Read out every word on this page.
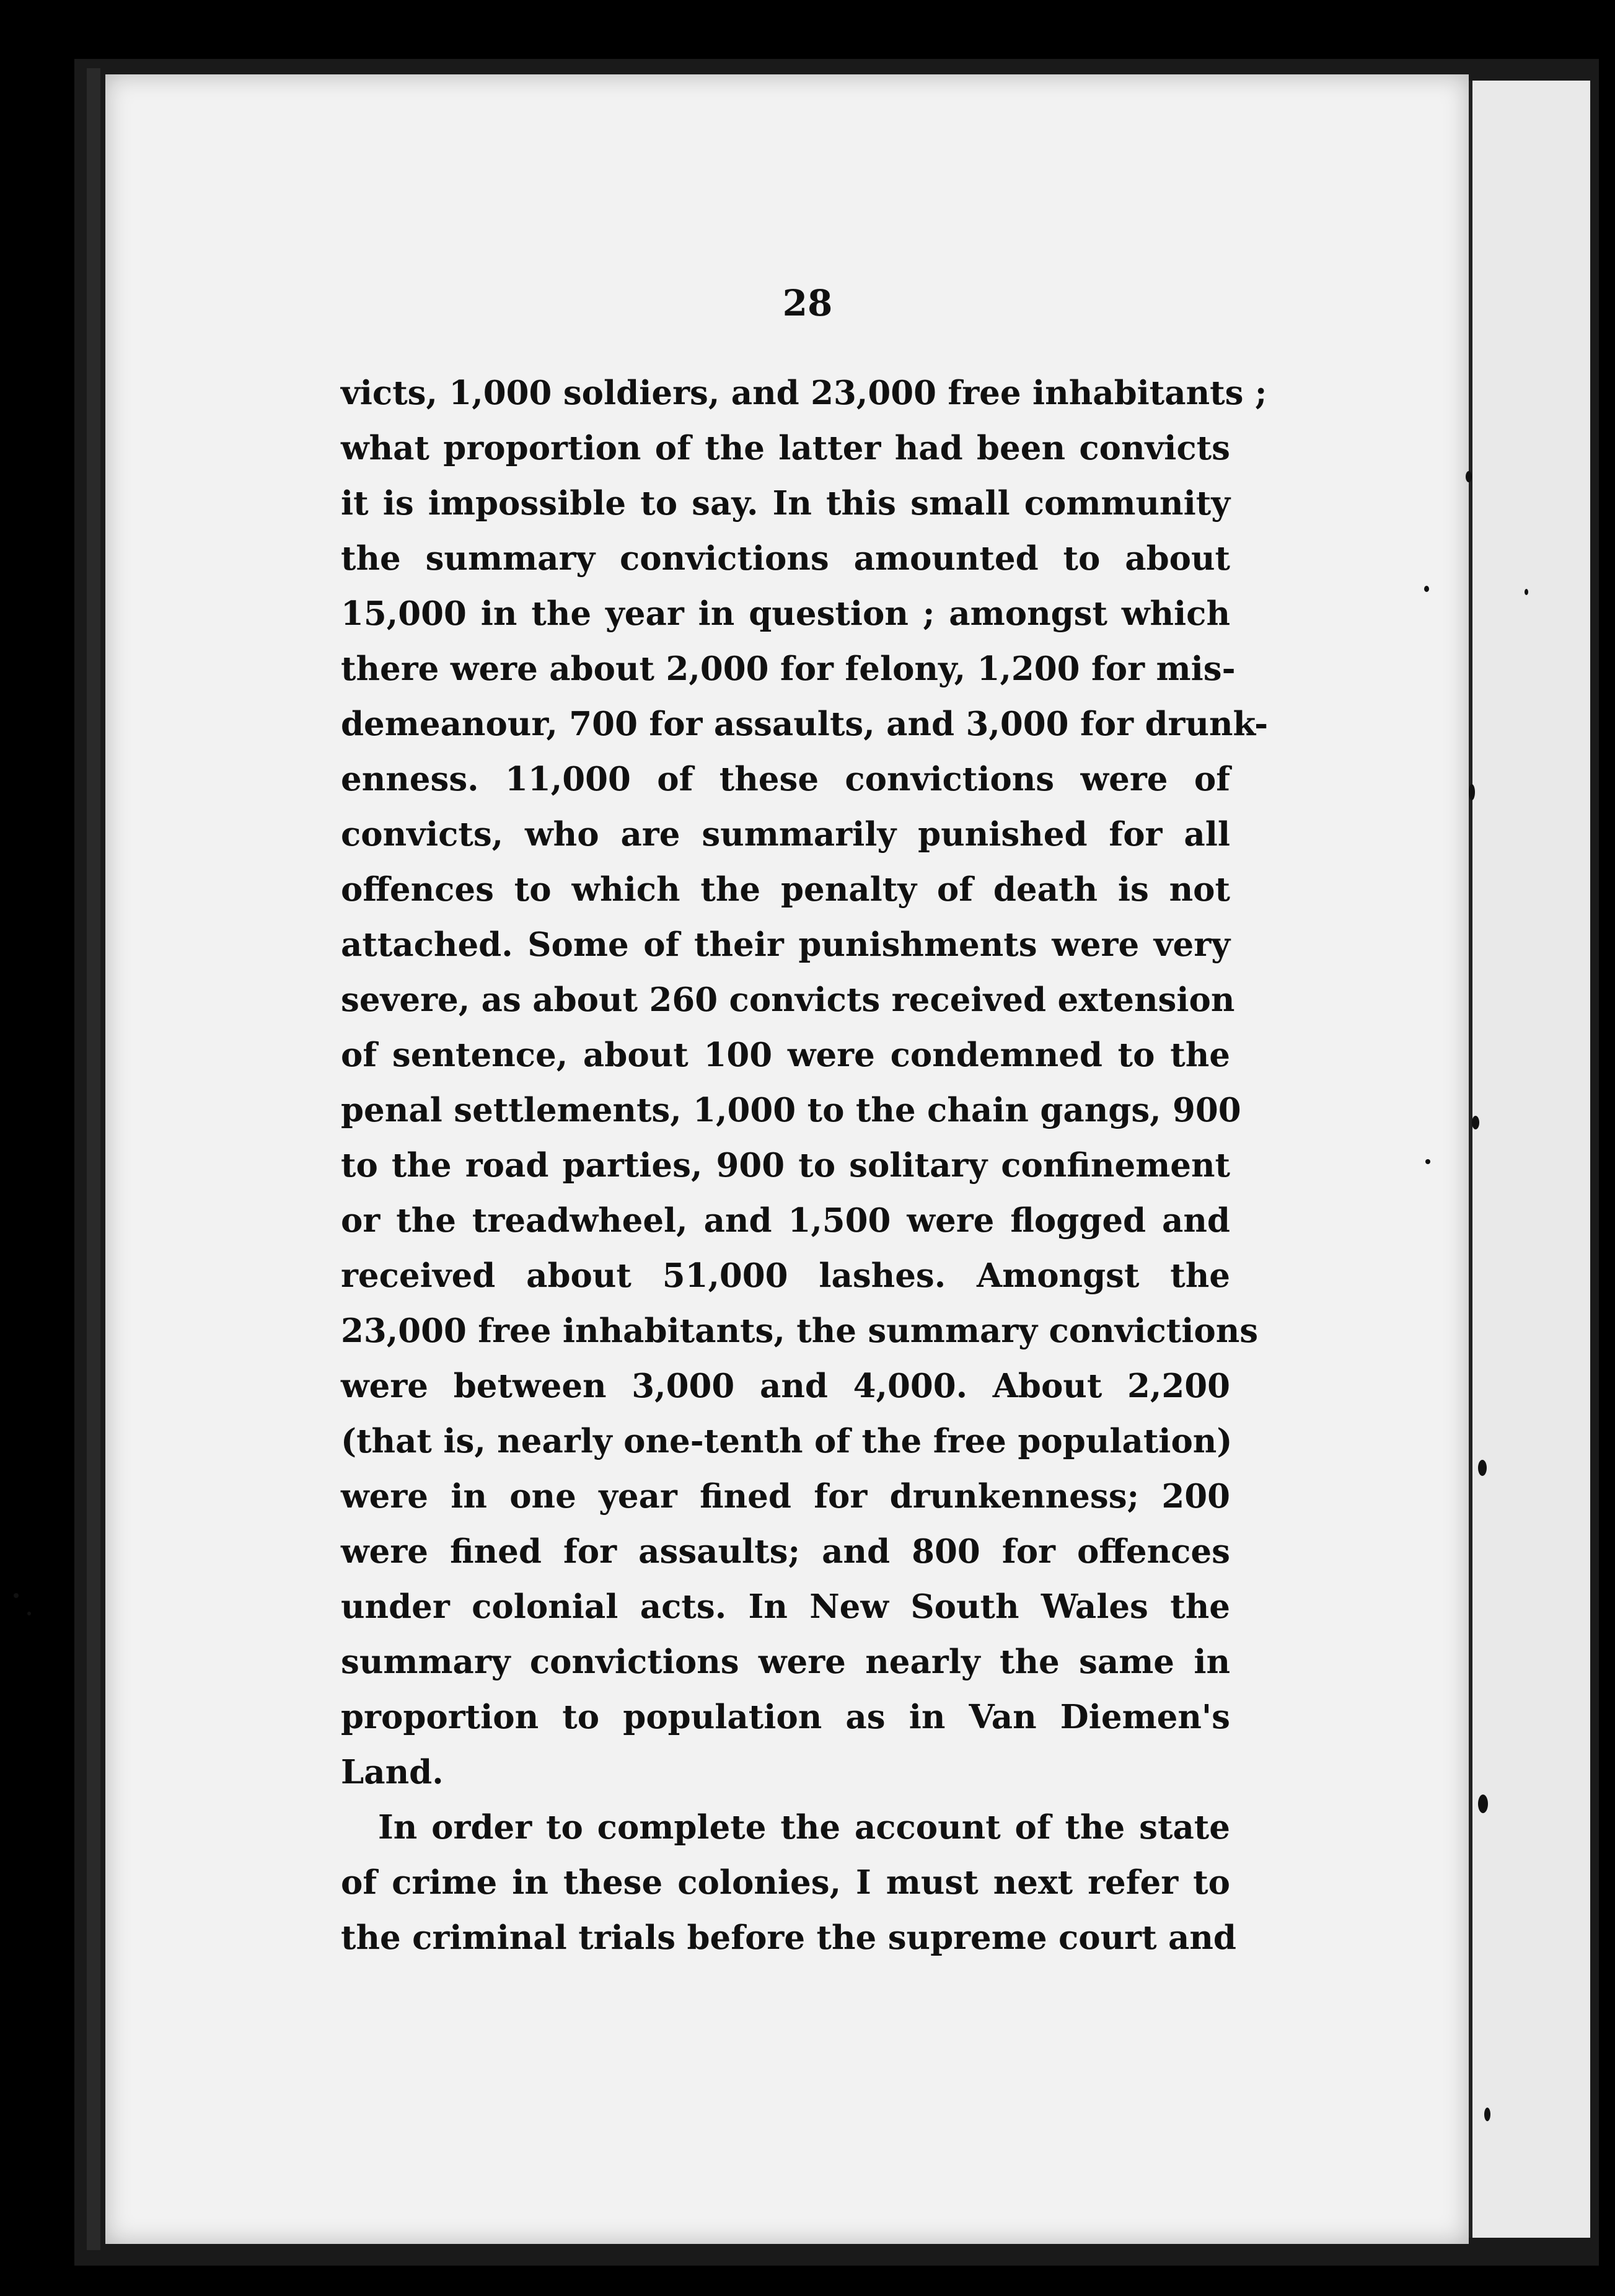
28
victs, 1,000 soldiers, and 23,000 free inhabitants ;
what proportion of the latter had been convicts
it is impossible to say. In this small community
the summary convictions amounted to about
15,000 in the year in question ; amongst which
there were about 2,000 for felony, 1,200 for mis-
demeanour, 700 for assaults, and 3,000 for drunk-
enness. 11,000 of these convictions were of
convicts, who are summarily punished for all
offences to which the penalty of death is not
attached. Some of their punishments were very
severe, as about 260 convicts received extension
of sentence, about 100 were condemned to the
penal settlements, 1,000 to the chain gangs, 900
to the road parties, 900 to solitary confinement
or the treadwheel, and 1,500 were flogged and
received about 51,000 lashes. Amongst the
23,000 free inhabitants, the summary convictions
were between 3,000 and 4,000. About 2,200
(that is, nearly one-tenth of the free population)
were in one year fined for drunkenness; 200
were fined for assaults; and 800 for offences
under colonial acts. In New South Wales the
summary convictions were nearly the same in
proportion to population as in Van Diemen's
Land.
In order to complete the account of the state
of crime in these colonies, I must next refer to
the criminal trials before the supreme court and
